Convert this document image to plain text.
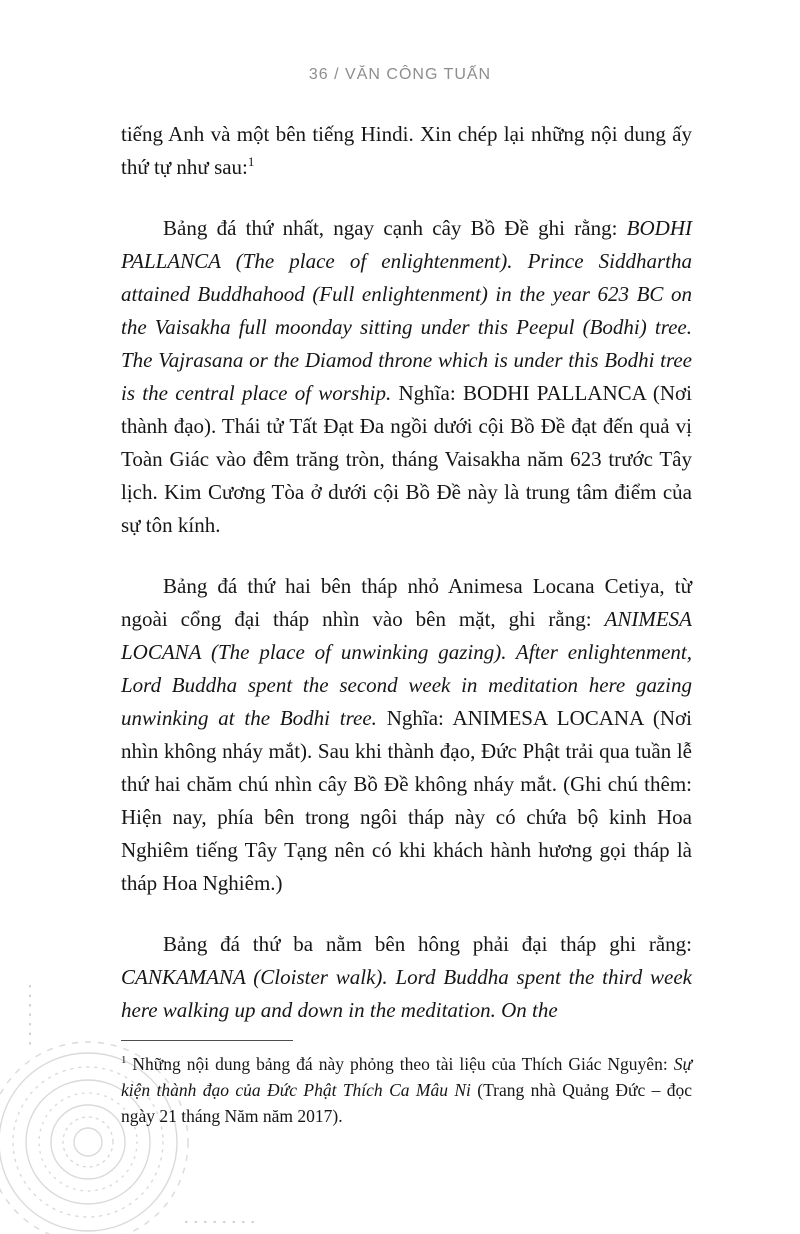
36 / VĂN CÔNG TUẤN

tiếng Anh và một bên tiếng Hindi. Xin chép lại những nội dung ấy thứ tự như sau:$^1$

Bảng đá thứ nhất, ngay cạnh cây Bồ Đề ghi rằng: BODHI PALLANCA (The place of enlightenment). Prince Siddhartha attained Buddhahood (Full enlightenment) in the year 623 BC on the Vaisakha full moonday sitting under this Peepul (Bodhi) tree. The Vajrasana or the Diamod throne which is under this Bodhi tree is the central place of worship. Nghĩa: BODHI PALLANCA (Nơi thành đạo). Thái tử Tất Đạt Đa ngồi dưới cội Bồ Đề đạt đến quả vị Toàn Giác vào đêm trăng tròn, tháng Vaisakha năm 623 trước Tây lịch. Kim Cương Tòa ở dưới cội Bồ Đề này là trung tâm điểm của sự tôn kính.

Bảng đá thứ hai bên tháp nhỏ Animesa Locana Cetiya, từ ngoài cổng đại tháp nhìn vào bên mặt, ghi rằng: ANIMESA LOCANA (The place of unwinking gazing). After enlightenment, Lord Buddha spent the second week in meditation here gazing unwinking at the Bodhi tree. Nghĩa: ANIMESA LOCANA (Nơi nhìn không nháy mắt). Sau khi thành đạo, Đức Phật trải qua tuần lễ thứ hai chăm chú nhìn cây Bồ Đề không nháy mắt. (Ghi chú thêm: Hiện nay, phía bên trong ngôi tháp này có chứa bộ kinh Hoa Nghiêm tiếng Tây Tạng nên có khi khách hành hương gọi tháp là tháp Hoa Nghiêm.)

Bảng đá thứ ba nằm bên hông phải đại tháp ghi rằng: CANKAMANA (Cloister walk). Lord Buddha spent the third week here walking up and down in the meditation. On the

$^1$ Những nội dung bảng đá này phỏng theo tài liệu của Thích Giác Nguyên: Sự kiện thành đạo của Đức Phật Thích Ca Mâu Ni (Trang nhà Quảng Đức – đọc ngày 21 tháng Năm năm 2017).
